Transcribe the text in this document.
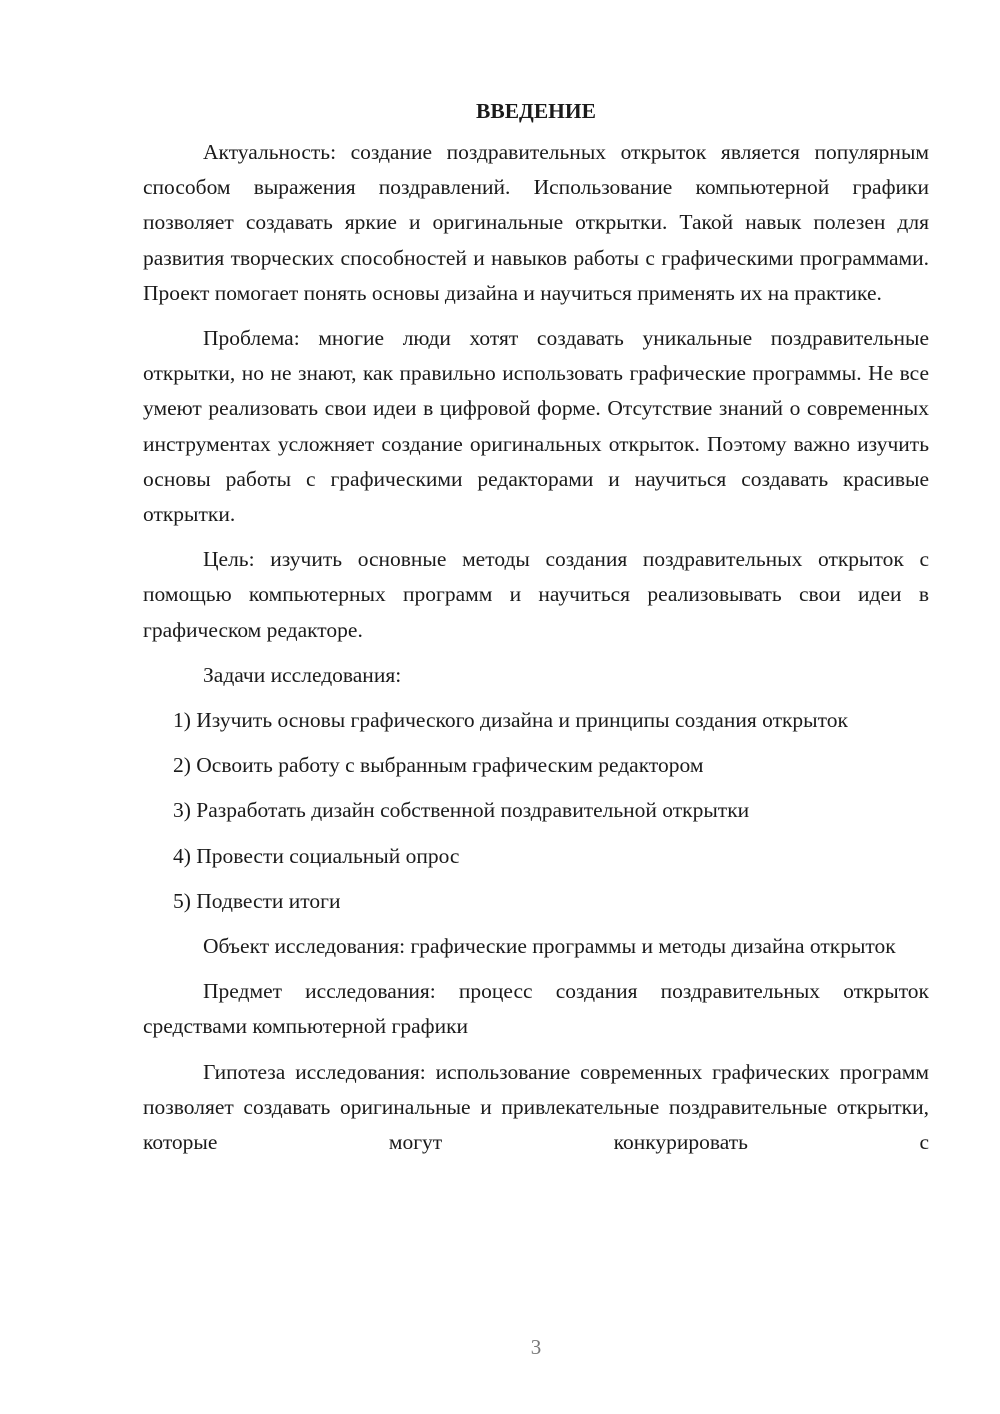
ВВЕДЕНИЕ

Актуальность: создание поздравительных открыток является популярным способом выражения поздравлений. Использование компьютерной графики позволяет создавать яркие и оригинальные открытки. Такой навык полезен для развития творческих способностей и навыков работы с графическими программами. Проект помогает понять основы дизайна и научиться применять их на практике.

Проблема: многие люди хотят создавать уникальные поздравительные открытки, но не знают, как правильно использовать графические программы. Не все умеют реализовать свои идеи в цифровой форме. Отсутствие знаний о современных инструментах усложняет создание оригинальных открыток. Поэтому важно изучить основы работы с графическими редакторами и научиться создавать красивые открытки.

Цель: изучить основные методы создания поздравительных открыток с помощью компьютерных программ и научиться реализовывать свои идеи в графическом редакторе.

Задачи исследования:

1) Изучить основы графического дизайна и принципы создания открыток

2) Освоить работу с выбранным графическим редактором

3) Разработать дизайн собственной поздравительной открытки

4) Провести социальный опрос

5) Подвести итоги

Объект исследования: графические программы и методы дизайна открыток

Предмет исследования: процесс создания поздравительных открыток средствами компьютерной графики

Гипотеза исследования: использование современных графических программ позволяет создавать оригинальные и привлекательные поздравительные открытки, которые могут конкурировать с

3
